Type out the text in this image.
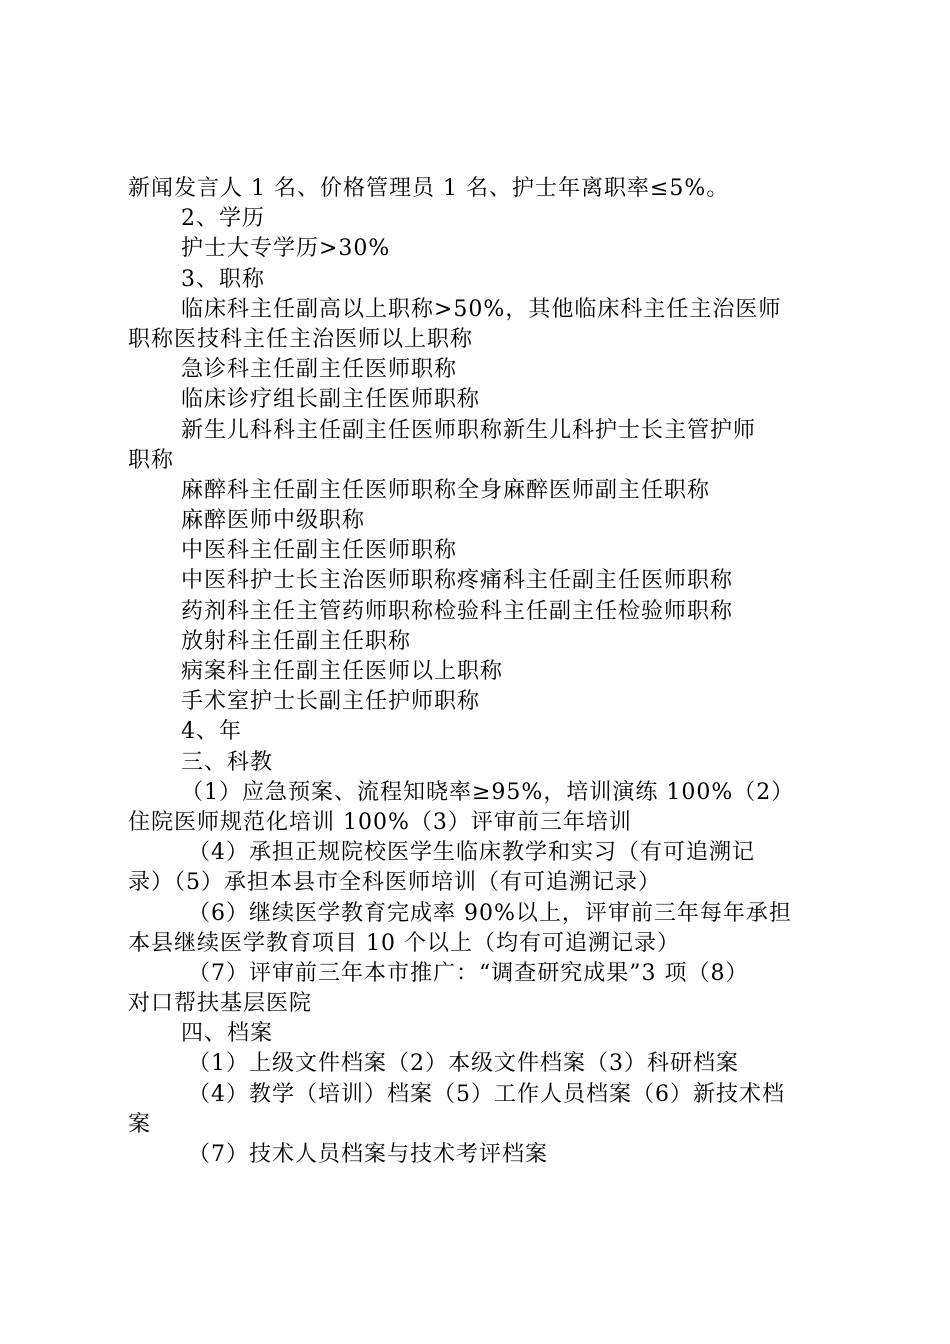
新闻发言人 1 名、价格管理员 1 名、护士年离职率≤5%。
2、学历
护士大专学历>30%
3、职称
临床科主任副高以上职称>50%，其他临床科主任主治医师
职称医技科主任主治医师以上职称
急诊科主任副主任医师职称
临床诊疗组长副主任医师职称
新生儿科科主任副主任医师职称新生儿科护士长主管护师
职称
麻醉科主任副主任医师职称全身麻醉医师副主任职称
麻醉医师中级职称
中医科主任副主任医师职称
中医科护士长主治医师职称疼痛科主任副主任医师职称
药剂科主任主管药师职称检验科主任副主任检验师职称
放射科主任副主任职称
病案科主任副主任医师以上职称
手术室护士长副主任护师职称
4、年
三、科教
（1）应急预案、流程知晓率≥95%，培训演练 100%（2）
住院医师规范化培训 100%（3）评审前三年培训
（4）承担正规院校医学生临床教学和实习（有可追溯记
录）（5）承担本县市全科医师培训（有可追溯记录）
（6）继续医学教育完成率 90%以上，评审前三年每年承担
本县继续医学教育项目 10 个以上（均有可追溯记录）
（7）评审前三年本市推广：“调查研究成果”3 项（8）
对口帮扶基层医院
四、档案
（1）上级文件档案（2）本级文件档案（3）科研档案
（4）教学（培训）档案（5）工作人员档案（6）新技术档
案
（7）技术人员档案与技术考评档案
